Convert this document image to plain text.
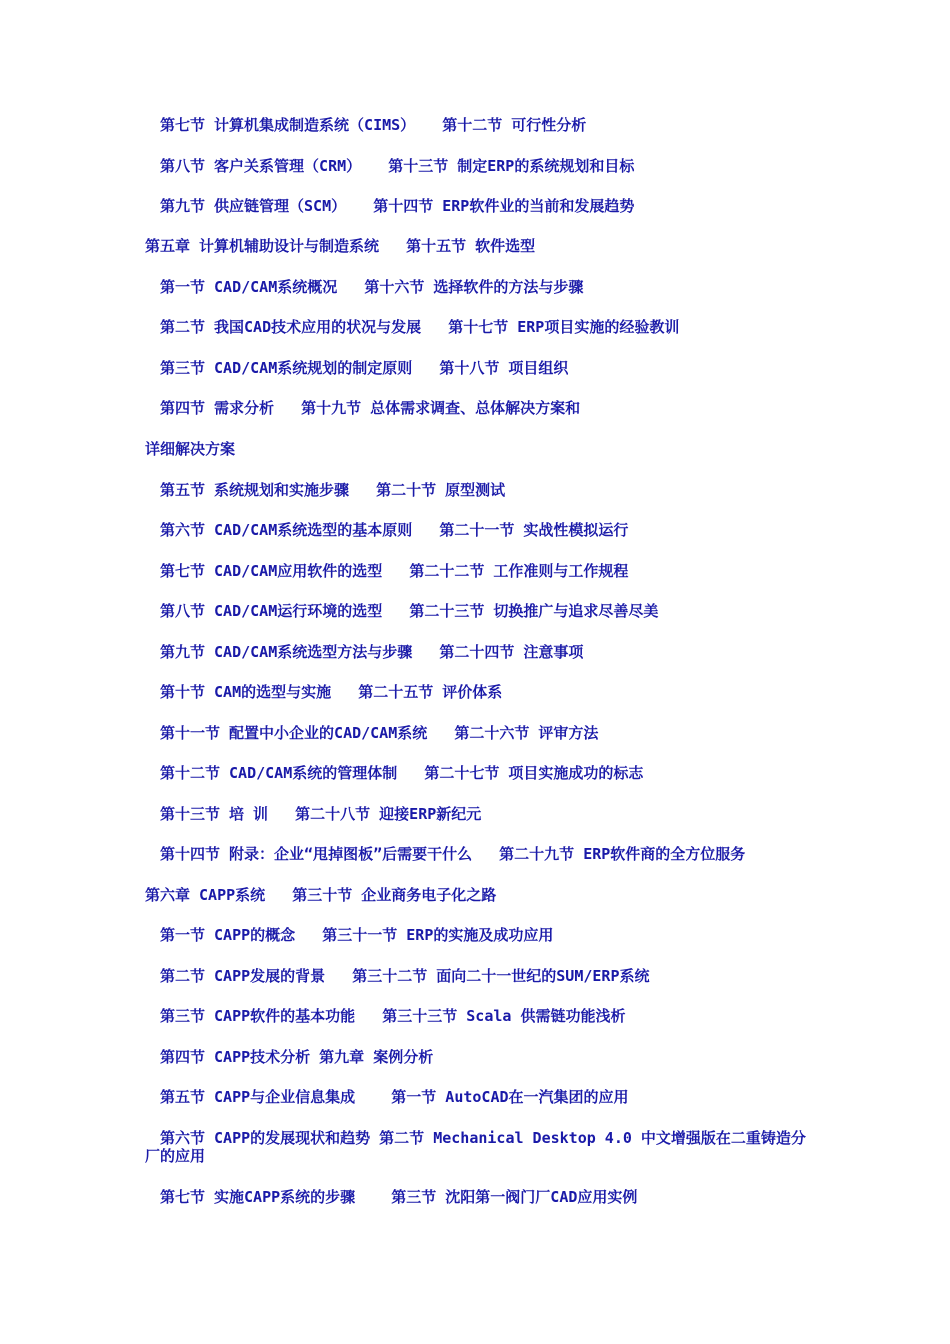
第七节 计算机集成制造系统（CIMS）   第十二节 可行性分析
第八节 客户关系管理（CRM）   第十三节 制定ERP的系统规划和目标
第九节 供应链管理（SCM）   第十四节 ERP软件业的当前和发展趋势
第五章 计算机辅助设计与制造系统   第十五节 软件选型
第一节 CAD/CAM系统概况   第十六节 选择软件的方法与步骤
第二节 我国CAD技术应用的状况与发展   第十七节 ERP项目实施的经验教训
第三节 CAD/CAM系统规划的制定原则   第十八节 项目组织
第四节 需求分析   第十九节 总体需求调查、总体解决方案和
详细解决方案
第五节 系统规划和实施步骤   第二十节 原型测试
第六节 CAD/CAM系统选型的基本原则   第二十一节 实战性模拟运行
第七节 CAD/CAM应用软件的选型   第二十二节 工作准则与工作规程
第八节 CAD/CAM运行环境的选型   第二十三节 切换推广与追求尽善尽美
第九节 CAD/CAM系统选型方法与步骤   第二十四节 注意事项
第十节 CAM的选型与实施   第二十五节 评价体系
第十一节 配置中小企业的CAD/CAM系统   第二十六节 评审方法
第十二节 CAD/CAM系统的管理体制   第二十七节 项目实施成功的标志
第十三节 培 训   第二十八节 迎接ERP新纪元
第十四节 附录：企业“甩掉图板”后需要干什么   第二十九节 ERP软件商的全方位服务
第六章 CAPP系统   第三十节 企业商务电子化之路
第一节 CAPP的概念   第三十一节 ERP的实施及成功应用
第二节 CAPP发展的背景   第三十二节 面向二十一世纪的SUM/ERP系统
第三节 CAPP软件的基本功能   第三十三节 Scala 供需链功能浅析
第四节 CAPP技术分析 第九章 案例分析
第五节 CAPP与企业信息集成    第一节 AutoCAD在一汽集团的应用
第六节 CAPP的发展现状和趋势 第二节 Mechanical Desktop 4.0 中文增强版在二重铸造分厂的应用
第七节 实施CAPP系统的步骤    第三节 沈阳第一阀门厂CAD应用实例
